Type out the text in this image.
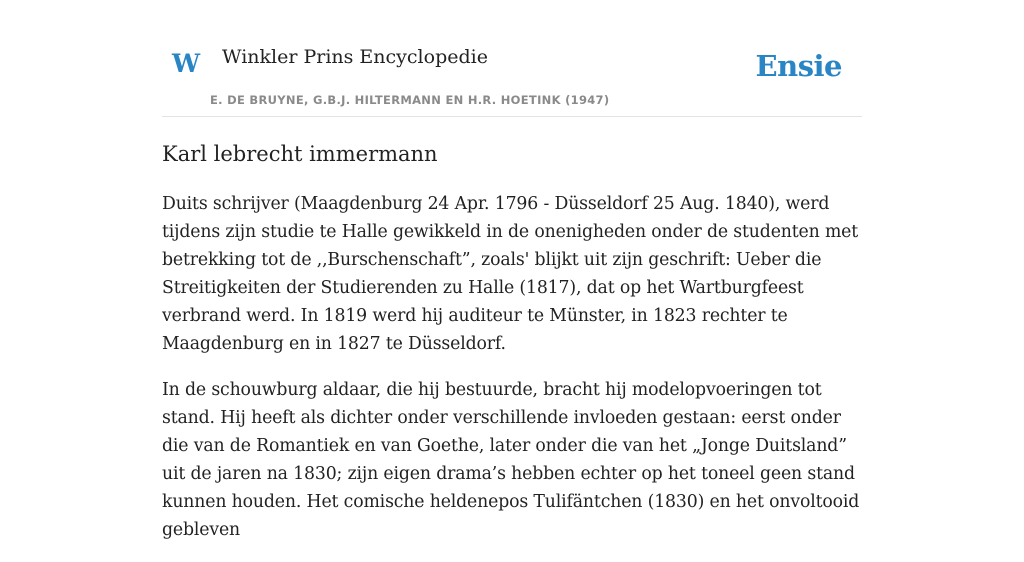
W Winkler Prins Encyclopedie
E. DE BRUYNE, G.B.J. HILTERMANN EN H.R. HOETINK (1947)
Ensie
Karl lebrecht immermann

Duits schrijver (Maagdenburg 24 Apr. 1796 - Düsseldorf 25 Aug. 1840), werd tijdens zijn studie te Halle gewikkeld in de onenigheden onder de studenten met betrekking tot de ,,Burschenschaft”, zoals' blijkt uit zijn geschrift: Ueber die Streitigkeiten der Studierenden zu Halle (1817), dat op het Wartburgfeest verbrand werd. In 1819 werd hij auditeur te Münster, in 1823 rechter te Maagdenburg en in 1827 te Düsseldorf.

In de schouwburg aldaar, die hij bestuurde, bracht hij modelopvoeringen tot stand. Hij heeft als dichter onder verschillende invloeden gestaan: eerst onder die van de Romantiek en van Goethe, later onder die van het „Jonge Duitsland” uit de jaren na 1830; zijn eigen drama’s hebben echter op het toneel geen stand kunnen houden. Het comische heldenepos Tulifäntchen (1830) en het onvoltooid gebleven
